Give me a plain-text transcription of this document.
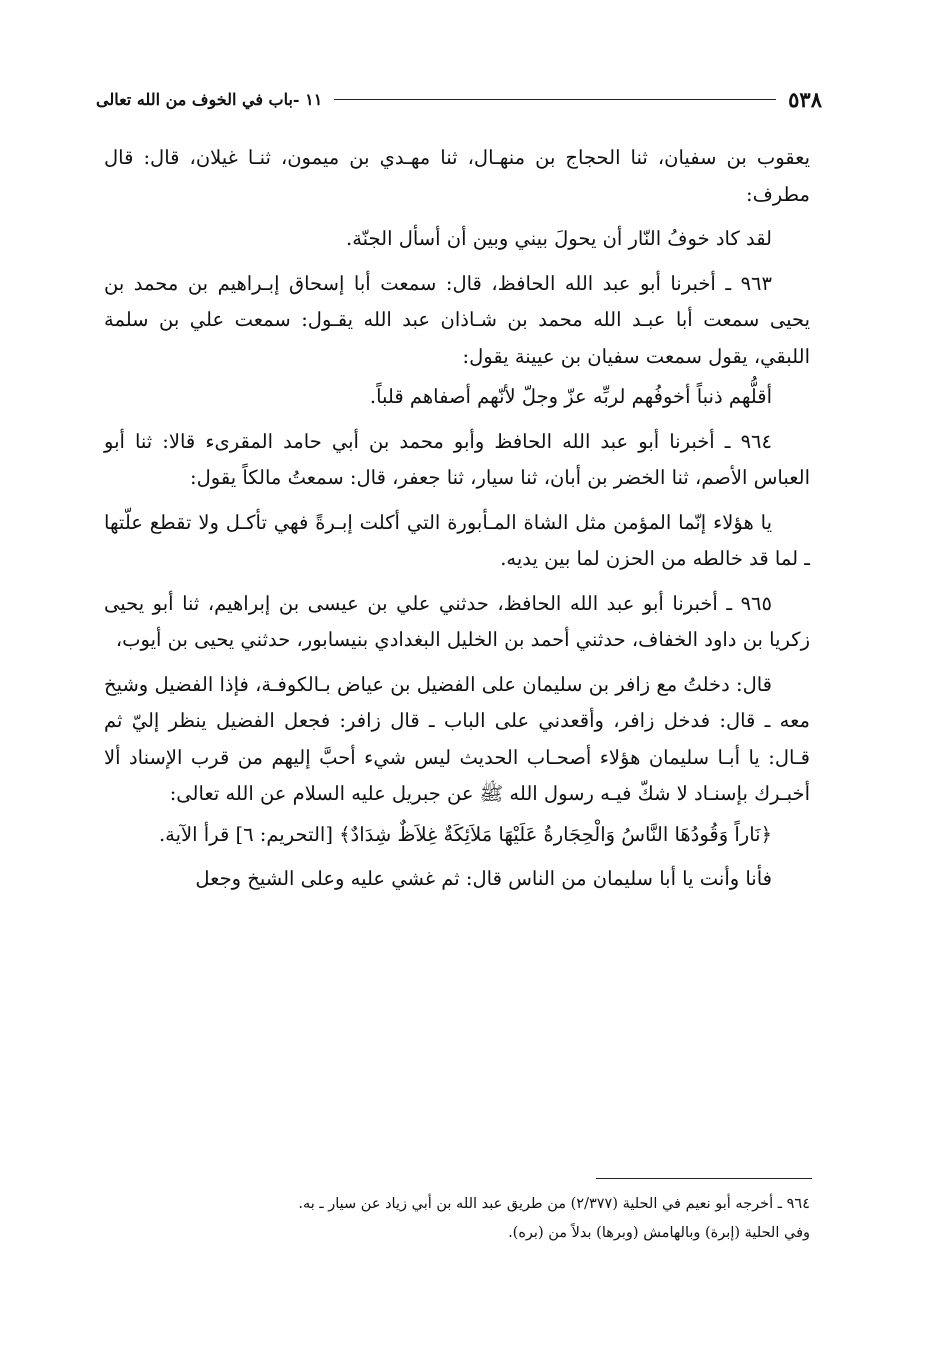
٥٣٨
١١ -باب في الخوف من الله تعالى

يعقوب بن سفيان، ثنا الحجاج بن منهـال، ثنا مهـدي بن ميمون، ثنـا غيلان، قال: قال مطرف:

لقد كاد خوفُ النّار أن يحولَ بيني وبين أن أسأل الجنّة.

٩٦٣ ـ أخبرنا أبو عبد الله الحافظ، قال: سمعت أبا إسحاق إبـراهيم بن محمد بن يحيى سمعت أبا عبـد الله محمد بن شـاذان عبد الله يقـول: سمعت علي بن سلمة اللبقي، يقول سمعت سفيان بن عيينة يقول:

أقلُّهم ذنباً أخوفُهم لربِّه عزّ وجلّ لأنّهم أصفاهم قلباً.

٩٦٤ ـ أخبرنا أبو عبد الله الحافظ وأبو محمد بن أبي حامد المقرىء قالا: ثنا أبو العباس الأصم، ثنا الخضر بن أبان، ثنا سيار، ثنا جعفر، قال: سمعتُ مالكاً يقول:

يا هؤلاء إنّما المؤمن مثل الشاة المـأبورة التي أكلت إبـرةً فهي تأكـل ولا تقطع علّتها ـ لما قد خالطه من الحزن لما بين يديه.

٩٦٥ ـ أخبرنا أبو عبد الله الحافظ، حدثني علي بن عيسى بن إبراهيم، ثنا أبو يحيى زكريا بن داود الخفاف، حدثني أحمد بن الخليل البغدادي بنيسابور، حدثني يحيى بن أيوب،

قال: دخلتُ مع زافر بن سليمان على الفضيل بن عياض بـالكوفـة، فإذا الفضيل وشيخ معه ـ قال: فدخل زافر، وأقعدني على الباب ـ قال زافر: فجعل الفضيل ينظر إليّ ثم قـال: يا أبـا سليمان هؤلاء أصحـاب الحديث ليس شيء أحبَّ إليهم من قرب الإسناد ألا أخبـرك بإسنـاد لا شكّ فيـه رسول الله ﷺ عن جبريل عليه السلام عن الله تعالى:

﴿نَاراً وَقُودُهَا النَّاسُ وَالْحِجَارةُ عَلَيْهَا مَلاَئِكَةٌ غِلاَظٌ شِدَادٌ﴾ [التحريم: ٦] قرأ الآية.

فأنا وأنت يا أبا سليمان من الناس قال: ثم غشي عليه وعلى الشيخ وجعل

٩٦٤ ـ أخرجه أبو نعيم في الحلية (٢/٣٧٧) من طريق عبد الله بن أبي زياد عن سيار ـ به.

وفي الحلية (إبرة) وبالهامش (وبرها) بدلاً من (بره).
